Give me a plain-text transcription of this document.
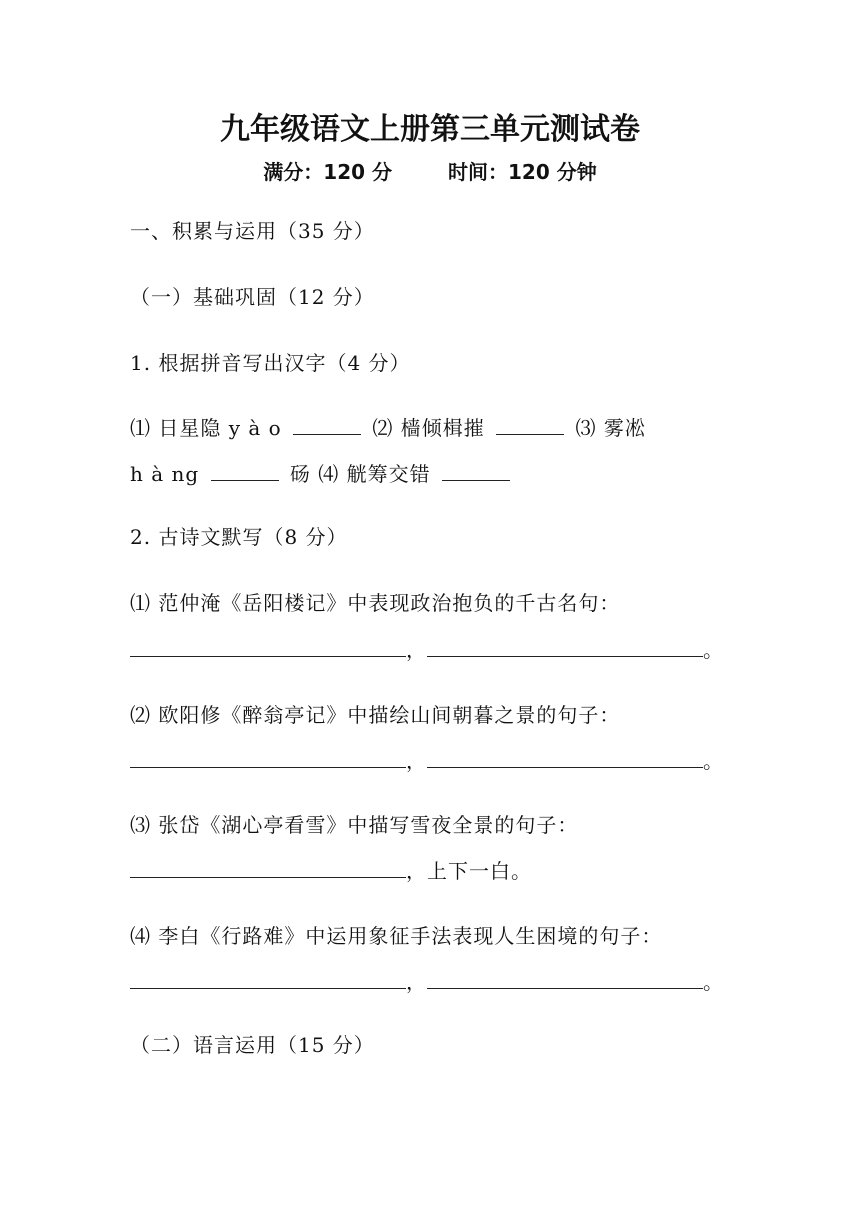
九年级语文上册第三单元测试卷
满分：120 分	时间：120 分钟
一、积累与运用（35 分）
（一）基础巩固（12 分）
1. 根据拼音写出汉字（4 分）
⑴ 日星隐 y à o	⑵ 樯倾楫摧	⑶ 雾凇
h à ng	砀 ⑷ 觥筹交错
2. 古诗文默写（8 分）
⑴ 范仲淹《岳阳楼记》中表现政治抱负的千古名句：
，	。
⑵ 欧阳修《醉翁亭记》中描绘山间朝暮之景的句子：
，	。
⑶ 张岱《湖心亭看雪》中描写雪夜全景的句子：
，上下一白。
⑷ 李白《行路难》中运用象征手法表现人生困境的句子：
，	。
（二）语言运用（15 分）
